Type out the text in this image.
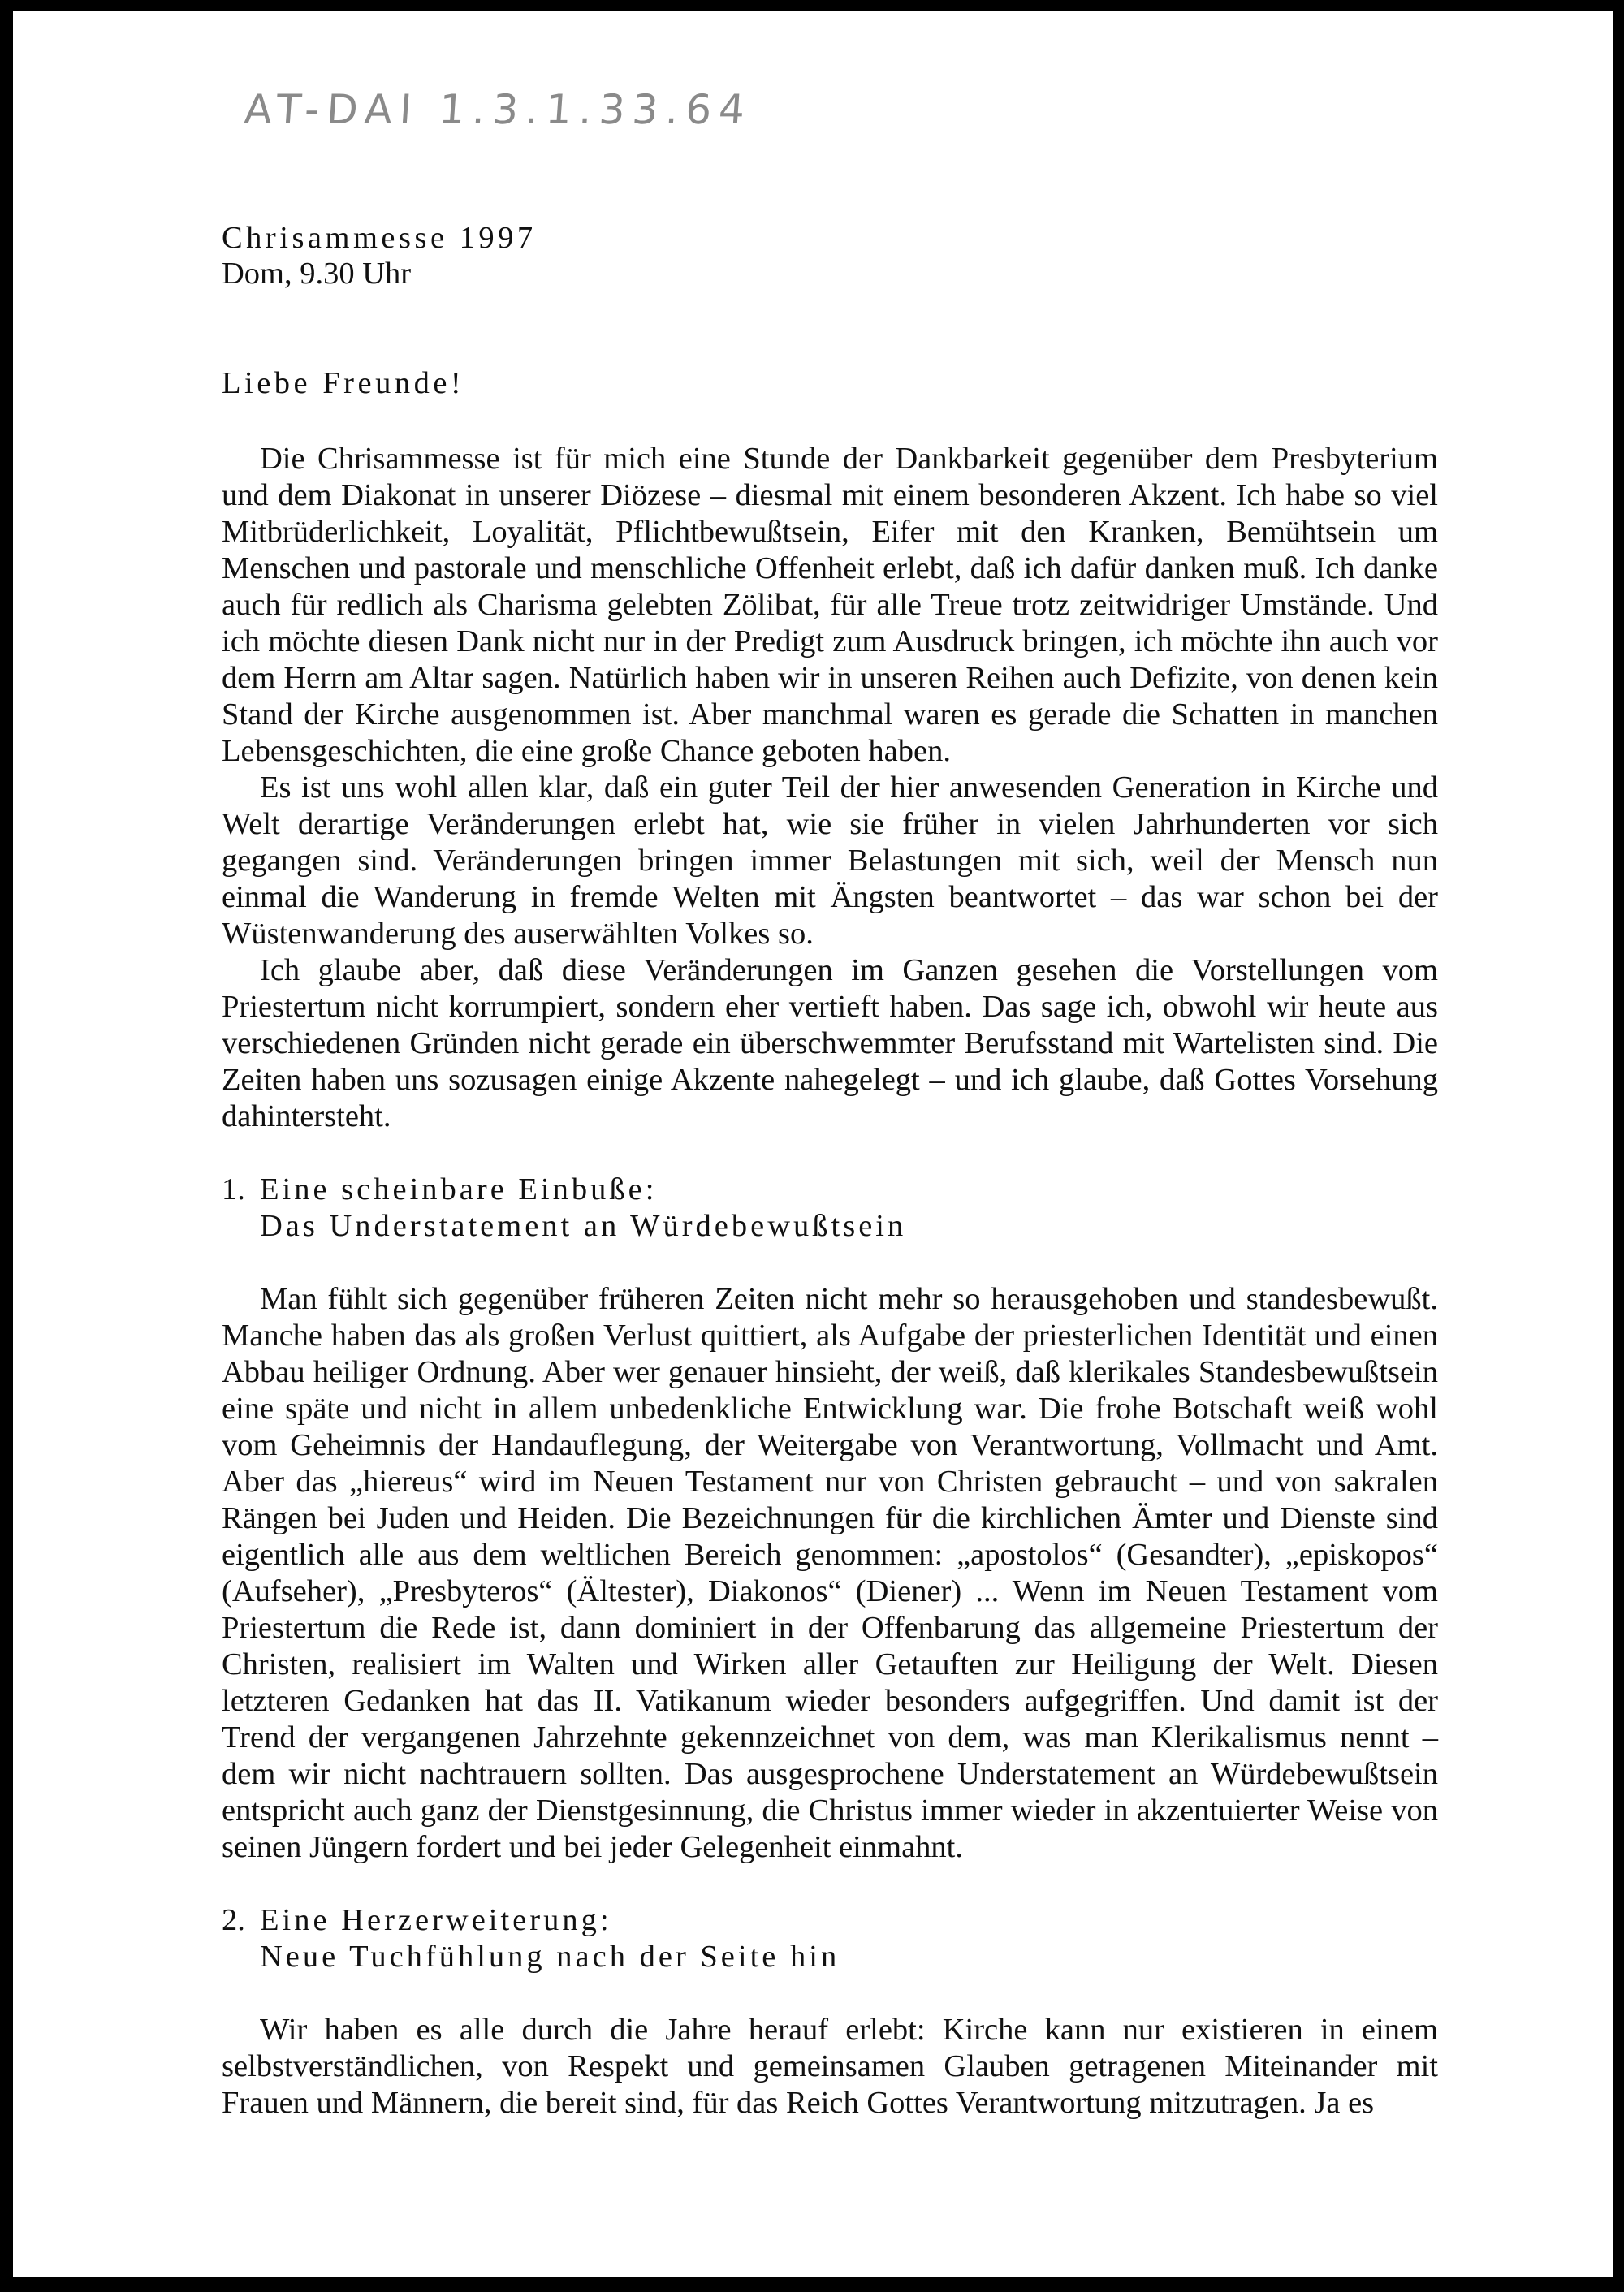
AT-DAI 1.3.1.33.64
Chrisammesse 1997
Dom, 9.30 Uhr
Liebe Freunde!

Die Chrisammesse ist für mich eine Stunde der Dankbarkeit gegenüber dem Presbyterium und dem Diakonat in unserer Diözese – diesmal mit einem besonderen Akzent. Ich habe so viel Mitbrüderlichkeit, Loyalität, Pflichtbewußtsein, Eifer mit den Kranken, Bemühtsein um Menschen und pastorale und menschliche Offenheit erlebt, daß ich dafür danken muß. Ich danke auch für redlich als Charisma gelebten Zölibat, für alle Treue trotz zeitwidriger Umstände. Und ich möchte diesen Dank nicht nur in der Predigt zum Ausdruck bringen, ich möchte ihn auch vor dem Herrn am Altar sagen. Natürlich haben wir in unseren Reihen auch Defizite, von denen kein Stand der Kirche ausgenommen ist. Aber manchmal waren es gerade die Schatten in manchen Lebensgeschichten, die eine große Chance geboten haben.

Es ist uns wohl allen klar, daß ein guter Teil der hier anwesenden Generation in Kirche und Welt derartige Veränderungen erlebt hat, wie sie früher in vielen Jahrhunderten vor sich gegangen sind. Veränderungen bringen immer Belastungen mit sich, weil der Mensch nun einmal die Wanderung in fremde Welten mit Ängsten beantwortet – das war schon bei der Wüstenwanderung des auserwählten Volkes so.

Ich glaube aber, daß diese Veränderungen im Ganzen gesehen die Vorstellungen vom Priestertum nicht korrumpiert, sondern eher vertieft haben. Das sage ich, obwohl wir heute aus verschiedenen Gründen nicht gerade ein überschwemmter Berufsstand mit Wartelisten sind. Die Zeiten haben uns sozusagen einige Akzente nahegelegt – und ich glaube, daß Gottes Vorsehung dahintersteht.

1. Eine scheinbare Einbuße:
Das Understatement an Würdebewußtsein

Man fühlt sich gegenüber früheren Zeiten nicht mehr so herausgehoben und standesbewußt. Manche haben das als großen Verlust quittiert, als Aufgabe der priesterlichen Identität und einen Abbau heiliger Ordnung. Aber wer genauer hinsieht, der weiß, daß klerikales Standesbewußtsein eine späte und nicht in allem unbedenkliche Entwicklung war. Die frohe Botschaft weiß wohl vom Geheimnis der Handauflegung, der Weitergabe von Verantwortung, Vollmacht und Amt. Aber das „hiereus“ wird im Neuen Testament nur von Christen gebraucht – und von sakralen Rängen bei Juden und Heiden. Die Bezeichnungen für die kirchlichen Ämter und Dienste sind eigentlich alle aus dem weltlichen Bereich genommen: „apostolos“ (Gesandter), „episkopos“ (Aufseher), „Presbyteros“ (Ältester), Diakonos“ (Diener) ... Wenn im Neuen Testament vom Priestertum die Rede ist, dann dominiert in der Offenbarung das allgemeine Priestertum der Christen, realisiert im Walten und Wirken aller Getauften zur Heiligung der Welt. Diesen letzteren Gedanken hat das II. Vatikanum wieder besonders aufgegriffen. Und damit ist der Trend der vergangenen Jahrzehnte gekennzeichnet von dem, was man Klerikalismus nennt – dem wir nicht nachtrauern sollten. Das ausgesprochene Understatement an Würdebewußtsein entspricht auch ganz der Dienstgesinnung, die Christus immer wieder in akzentuierter Weise von seinen Jüngern fordert und bei jeder Gelegenheit einmahnt.

2. Eine Herzerweiterung:
Neue Tuchfühlung nach der Seite hin

Wir haben es alle durch die Jahre herauf erlebt: Kirche kann nur existieren in einem selbstverständlichen, von Respekt und gemeinsamen Glauben getragenen Miteinander mit Frauen und Männern, die bereit sind, für das Reich Gottes Verantwortung mitzutragen. Ja es
